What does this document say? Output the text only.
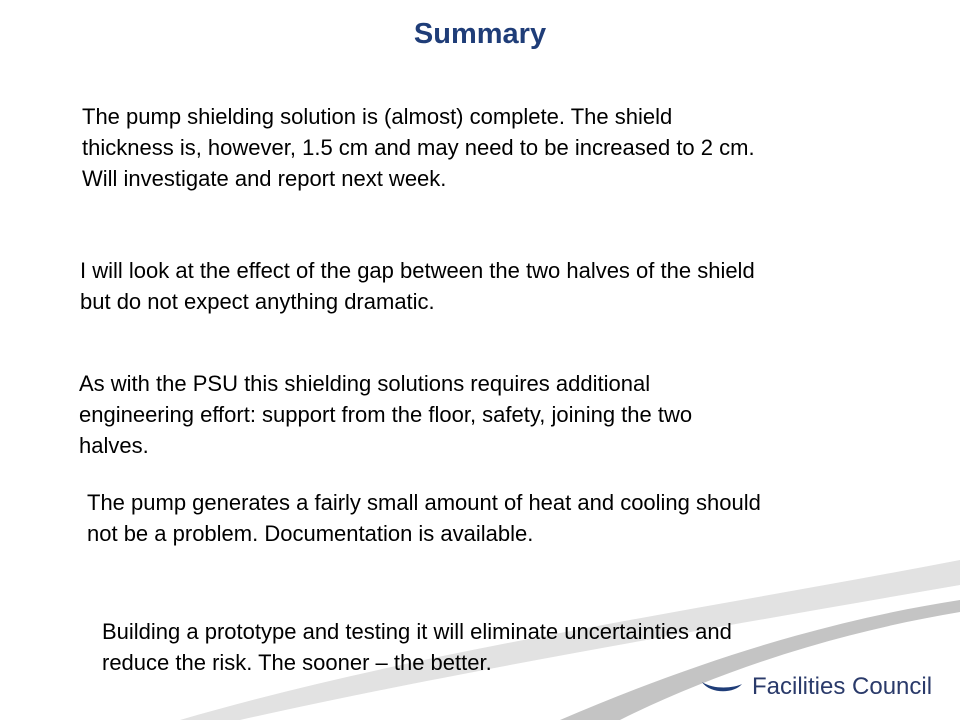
Summary
The pump shielding solution is (almost) complete. The shield
thickness is, however, 1.5 cm and may need to be increased to 2 cm.
Will investigate and report next week.
I will look at the effect of the gap between the two halves of the shield
but do not expect anything dramatic.
As with the PSU this shielding solutions requires additional
engineering effort: support from the floor, safety, joining the two
halves.
The pump generates a fairly small amount of heat and cooling should
not be a problem. Documentation is available.
Building a prototype and testing it will eliminate uncertainties and
reduce the risk. The sooner – the better.
Facilities Council
